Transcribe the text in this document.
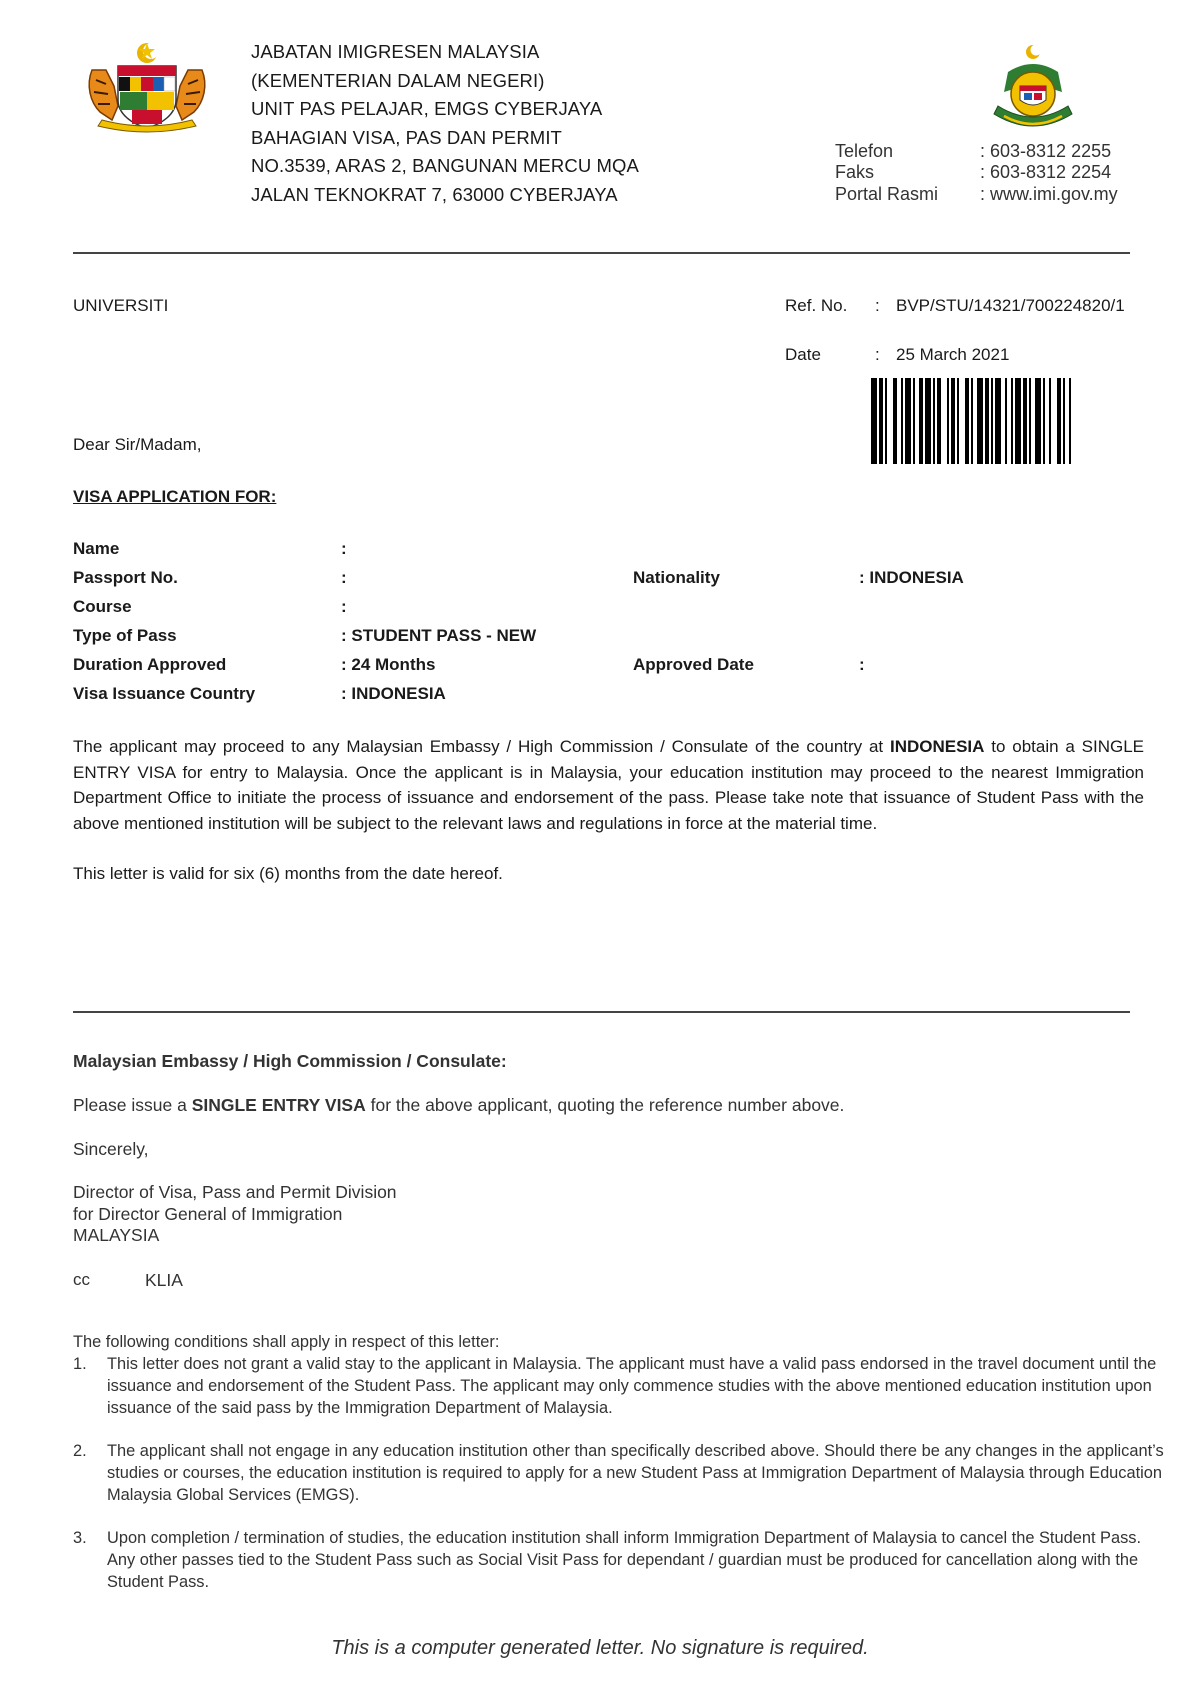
JABATAN IMIGRESEN MALAYSIA
(KEMENTERIAN DALAM NEGERI)
UNIT PAS PELAJAR, EMGS CYBERJAYA
BAHAGIAN VISA, PAS DAN PERMIT
NO.3539, ARAS 2, BANGUNAN MERCU MQA
JALAN TEKNOKRAT 7, 63000 CYBERJAYA
Telefon	: 603-8312 2255
Faks	: 603-8312 2254
Portal Rasmi : www.imi.gov.my
UNIVERSITI	Ref. No. : BVP/STU/14321/700224820/1
Date	: 25 March 2021
Dear Sir/Madam,
VISA APPLICATION FOR:
Name	:
Passport No.	:	Nationality	: INDONESIA
Course	:
Type of Pass	: STUDENT PASS - NEW
Duration Approved	: 24 Months	Approved Date	:
Visa Issuance Country	: INDONESIA
The applicant may proceed to any Malaysian Embassy / High Commission / Consulate of the country at INDONESIA to obtain a SINGLE ENTRY VISA for entry to Malaysia. Once the applicant is in Malaysia, your education institution may proceed to the nearest Immigration Department Office to initiate the process of issuance and endorsement of the pass. Please take note that issuance of Student Pass with the above mentioned institution will be subject to the relevant laws and regulations in force at the material time.
This letter is valid for six (6) months from the date hereof.
Malaysian Embassy / High Commission / Consulate:
Please issue a SINGLE ENTRY VISA for the above applicant, quoting the reference number above.
Sincerely,
Director of Visa, Pass and Permit Division
for Director General of Immigration
MALAYSIA
cc	KLIA
The following conditions shall apply in respect of this letter:
1. This letter does not grant a valid stay to the applicant in Malaysia. The applicant must have a valid pass endorsed in the travel document until the issuance and endorsement of the Student Pass. The applicant may only commence studies with the above mentioned education institution upon issuance of the said pass by the Immigration Department of Malaysia.
2. The applicant shall not engage in any education institution other than specifically described above. Should there be any changes in the applicant’s studies or courses, the education institution is required to apply for a new Student Pass at Immigration Department of Malaysia through Education Malaysia Global Services (EMGS).
3. Upon completion / termination of studies, the education institution shall inform Immigration Department of Malaysia to cancel the Student Pass. Any other passes tied to the Student Pass such as Social Visit Pass for dependant / guardian must be produced for cancellation along with the Student Pass.
This is a computer generated letter. No signature is required.
